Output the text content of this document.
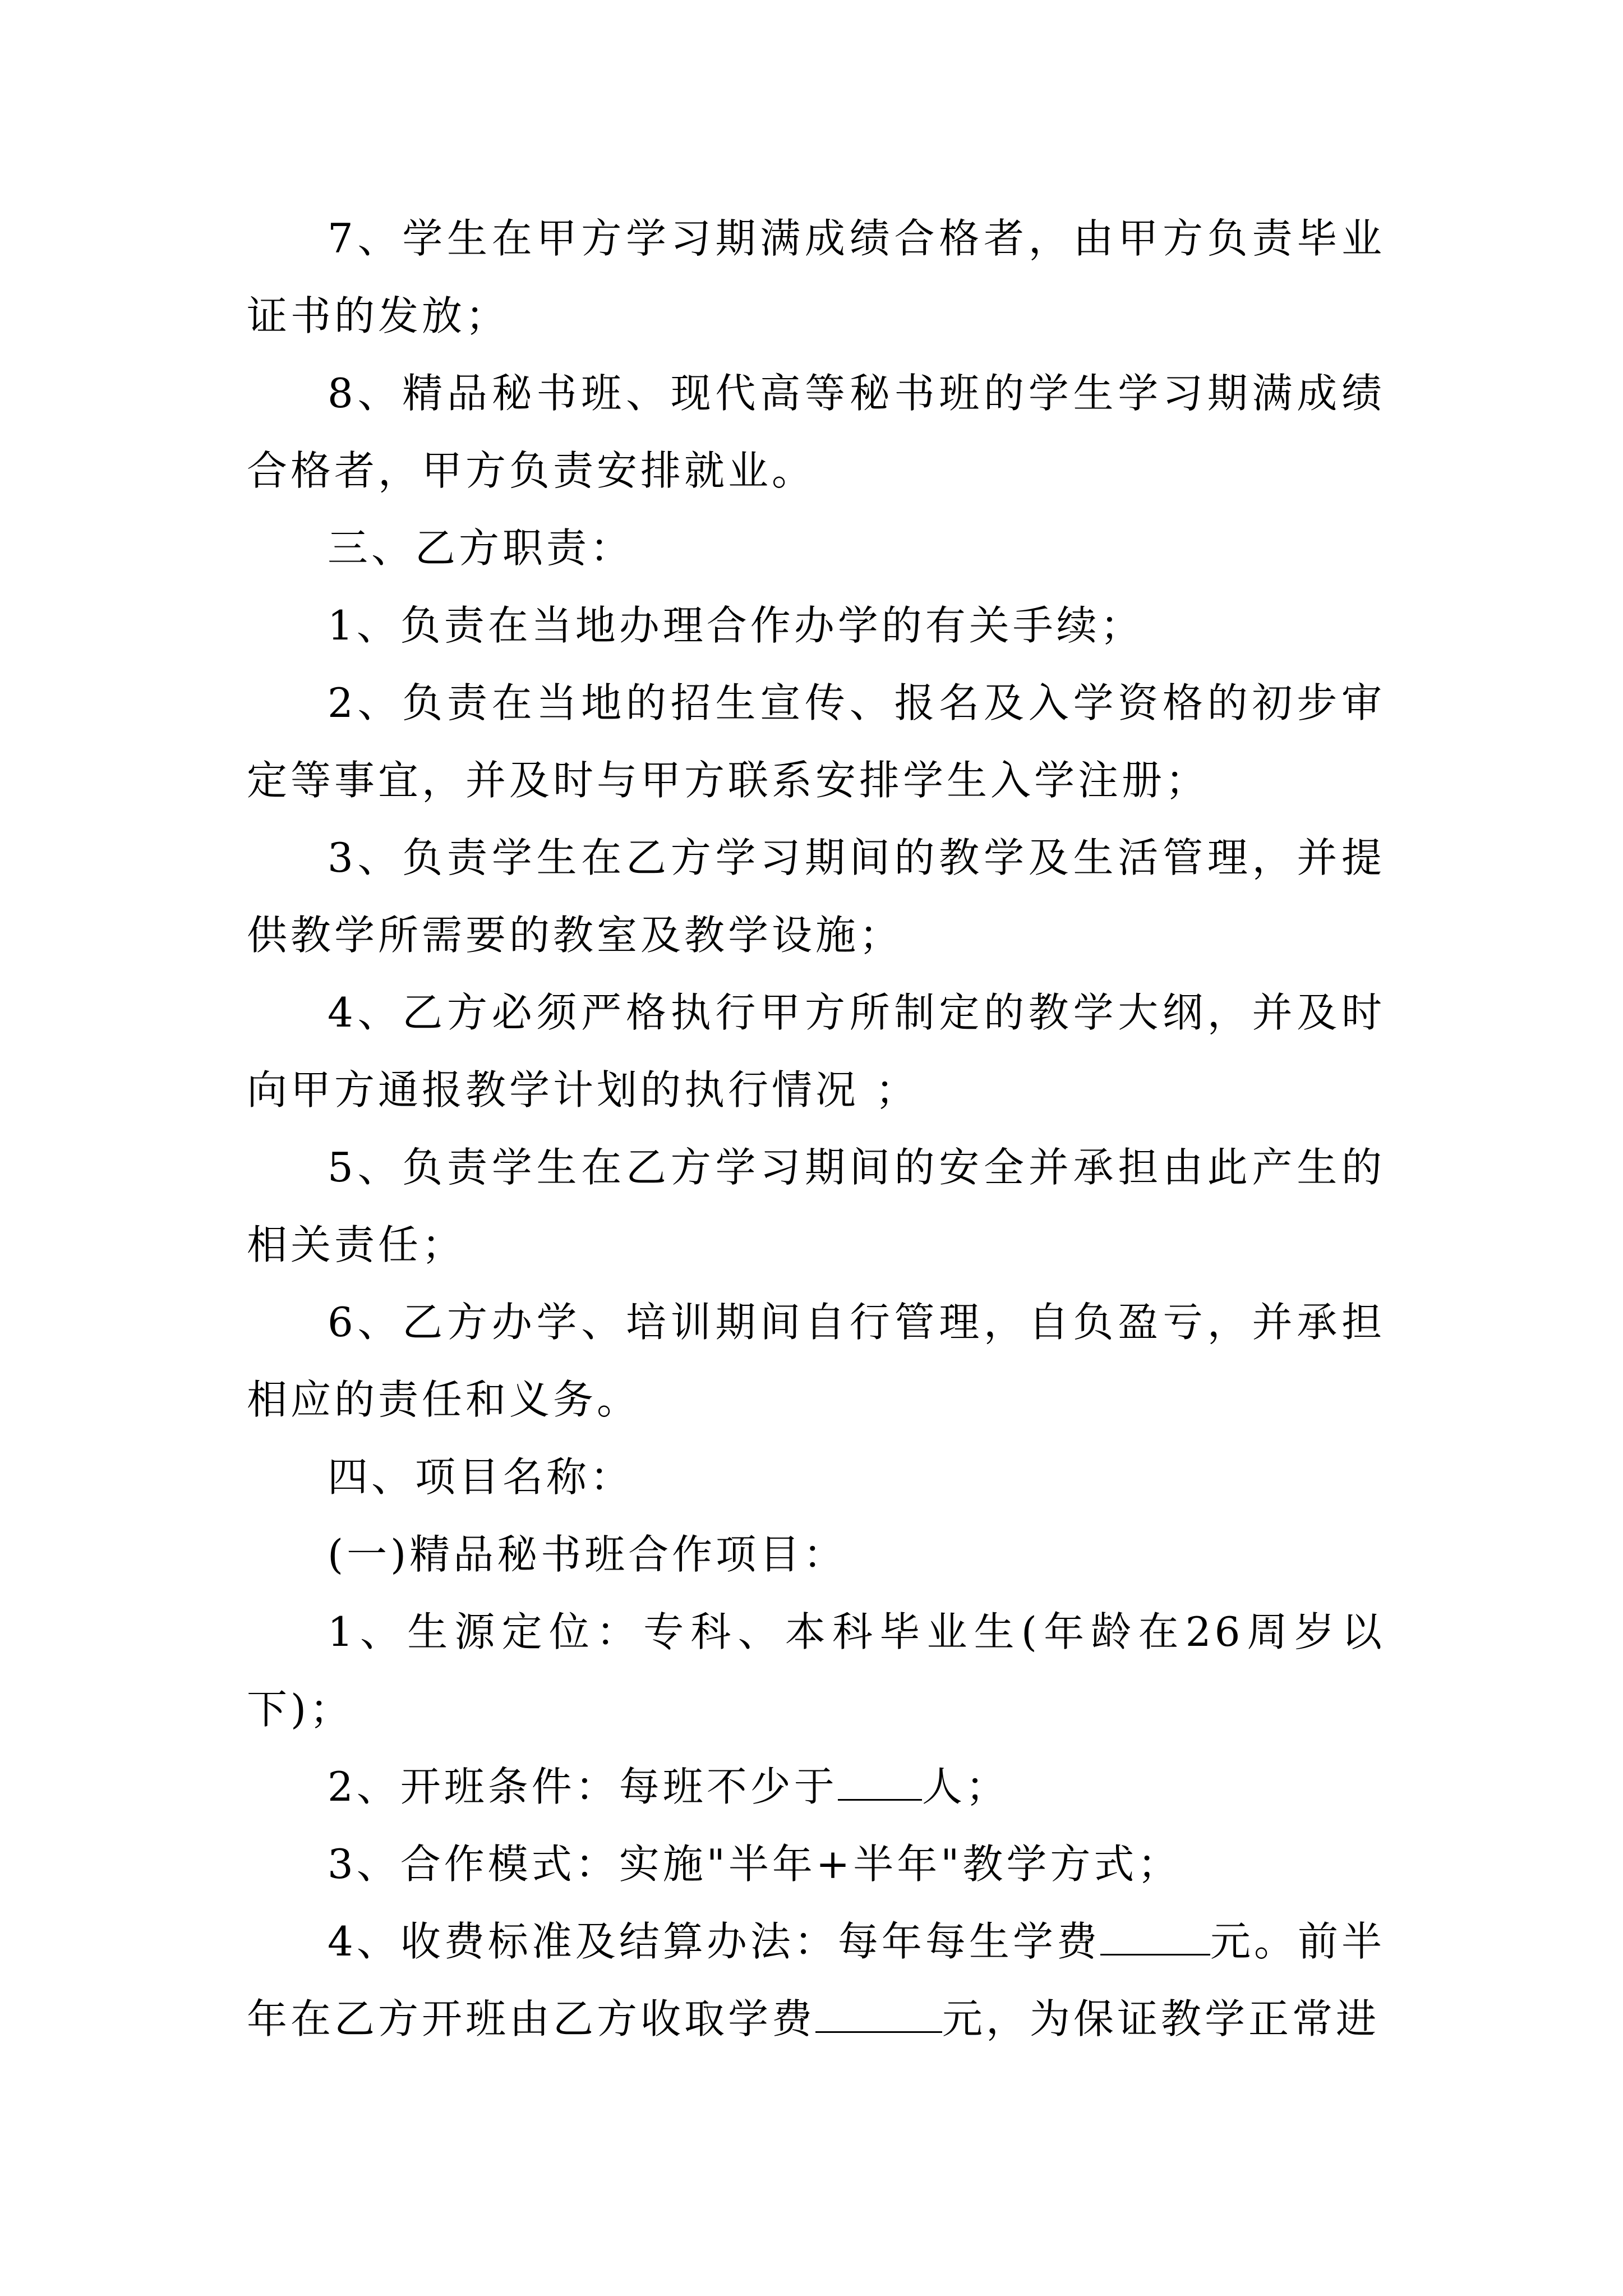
7、学生在甲方学习期满成绩合格者，由甲方负责毕业证书的发放；

8、精品秘书班、现代高等秘书班的学生学习期满成绩合格者，甲方负责安排就业。

三、乙方职责：

1、负责在当地办理合作办学的有关手续；

2、负责在当地的招生宣传、报名及入学资格的初步审定等事宜，并及时与甲方联系安排学生入学注册；

3、负责学生在乙方学习期间的教学及生活管理，并提供教学所需要的教室及教学设施；

4、乙方必须严格执行甲方所制定的教学大纲，并及时向甲方通报教学计划的执行情况 ；

5、负责学生在乙方学习期间的安全并承担由此产生的相关责任；

6、乙方办学、培训期间自行管理，自负盈亏，并承担相应的责任和义务。

四、项目名称：

(一)精品秘书班合作项目：

1、生源定位：专科、本科毕业生(年龄在26周岁以下)；

2、开班条件：每班不少于 人；

3、合作模式：实施"半年+半年"教学方式；

4、收费标准及结算办法：每年每生学费	元。前半年在乙方开班由乙方收取学费	元，为保证教学正常进
